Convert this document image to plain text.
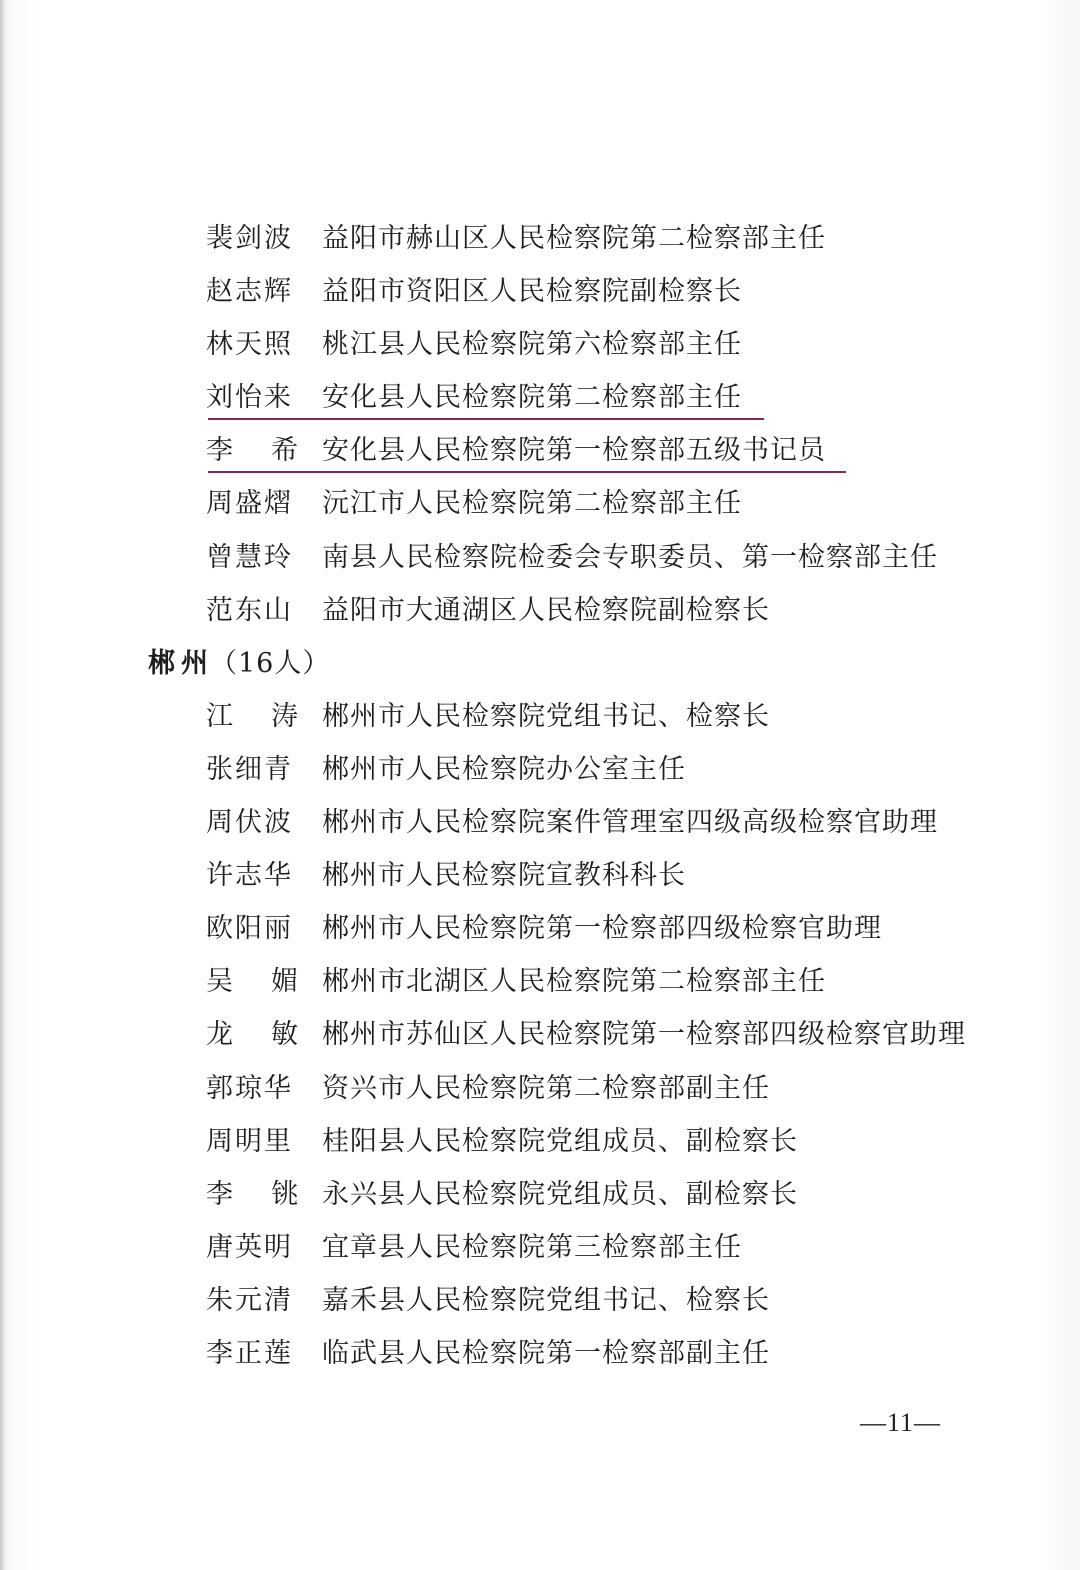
裴剑波 益阳市赫山区人民检察院第二检察部主任
赵志辉 益阳市资阳区人民检察院副检察长
林天照 桃江县人民检察院第六检察部主任
刘怡来 安化县人民检察院第二检察部主任
李 希 安化县人民检察院第一检察部五级书记员
周盛熠 沅江市人民检察院第二检察部主任
曾慧玲 南县人民检察院检委会专职委员、第一检察部主任
范东山 益阳市大通湖区人民检察院副检察长
郴 州 （16人）
江 涛 郴州市人民检察院党组书记、检察长
张细青 郴州市人民检察院办公室主任
周伏波 郴州市人民检察院案件管理室四级高级检察官助理
许志华 郴州市人民检察院宣教科科长
欧阳丽 郴州市人民检察院第一检察部四级检察官助理
吴 媚 郴州市北湖区人民检察院第二检察部主任
龙 敏 郴州市苏仙区人民检察院第一检察部四级检察官助理
郭琼华 资兴市人民检察院第二检察部副主任
周明里 桂阳县人民检察院党组成员、副检察长
李 铫 永兴县人民检察院党组成员、副检察长
唐英明 宜章县人民检察院第三检察部主任
朱元清 嘉禾县人民检察院党组书记、检察长
李正莲 临武县人民检察院第一检察部副主任
—11—
